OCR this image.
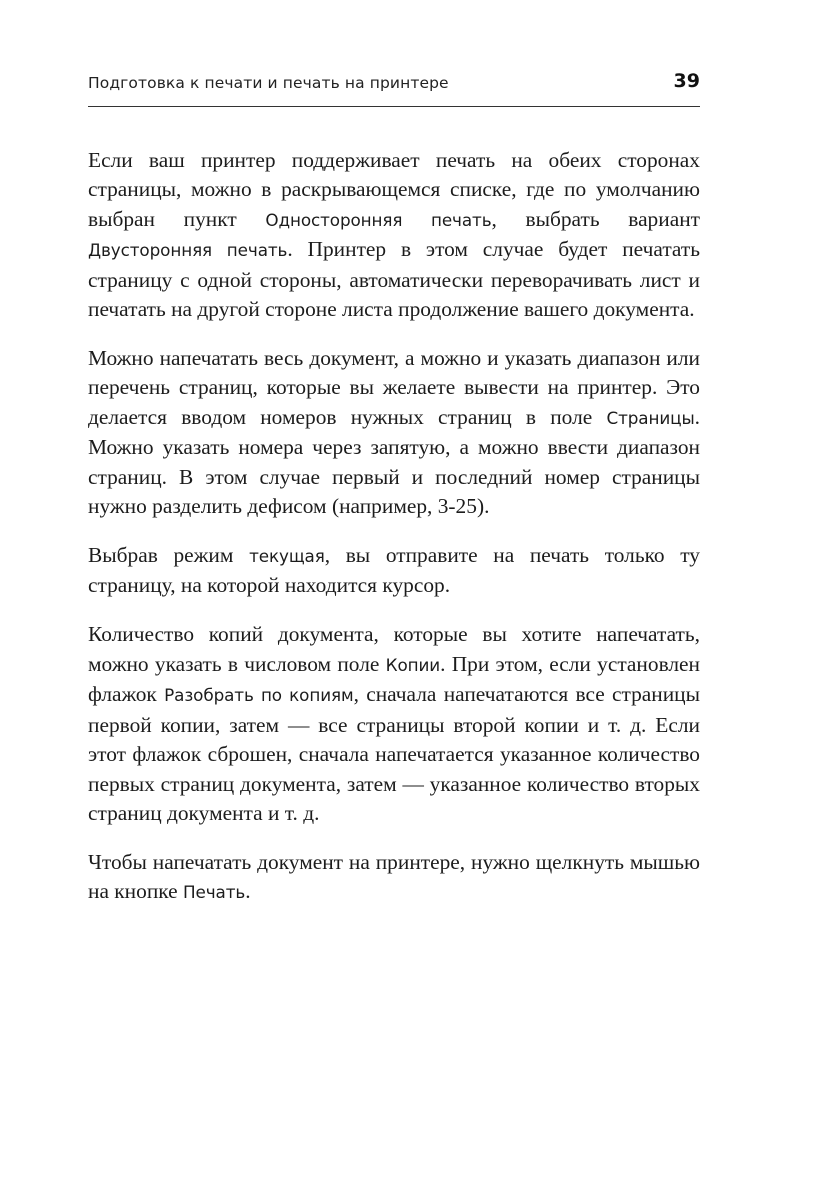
Подготовка к печати и печать на принтере	39

Если ваш принтер поддерживает печать на обеих сторонах страницы, можно в раскрывающемся списке, где по умолчанию выбран пункт Односторонняя печать, выбрать вариант Двусторонняя печать. Принтер в этом случае будет печатать страницу с одной стороны, автоматически переворачивать лист и печатать на другой стороне листа продолжение вашего документа.

Можно напечатать весь документ, а можно и указать диапазон или перечень страниц, которые вы желаете вывести на принтер. Это делается вводом номеров нужных страниц в поле Страницы. Можно указать номера через запятую, а можно ввести диапазон страниц. В этом случае первый и последний номер страницы нужно разделить дефисом (например, 3-25).

Выбрав режим текущая, вы отправите на печать только ту страницу, на которой находится курсор.

Количество копий документа, которые вы хотите напечатать, можно указать в числовом поле Копии. При этом, если установлен флажок Разобрать по копиям, сначала напечатаются все страницы первой копии, затем — все страницы второй копии и т. д. Если этот флажок сброшен, сначала напечатается указанное количество первых страниц документа, затем — указанное количество вторых страниц документа и т. д.

Чтобы напечатать документ на принтере, нужно щелкнуть мышью на кнопке Печать.
